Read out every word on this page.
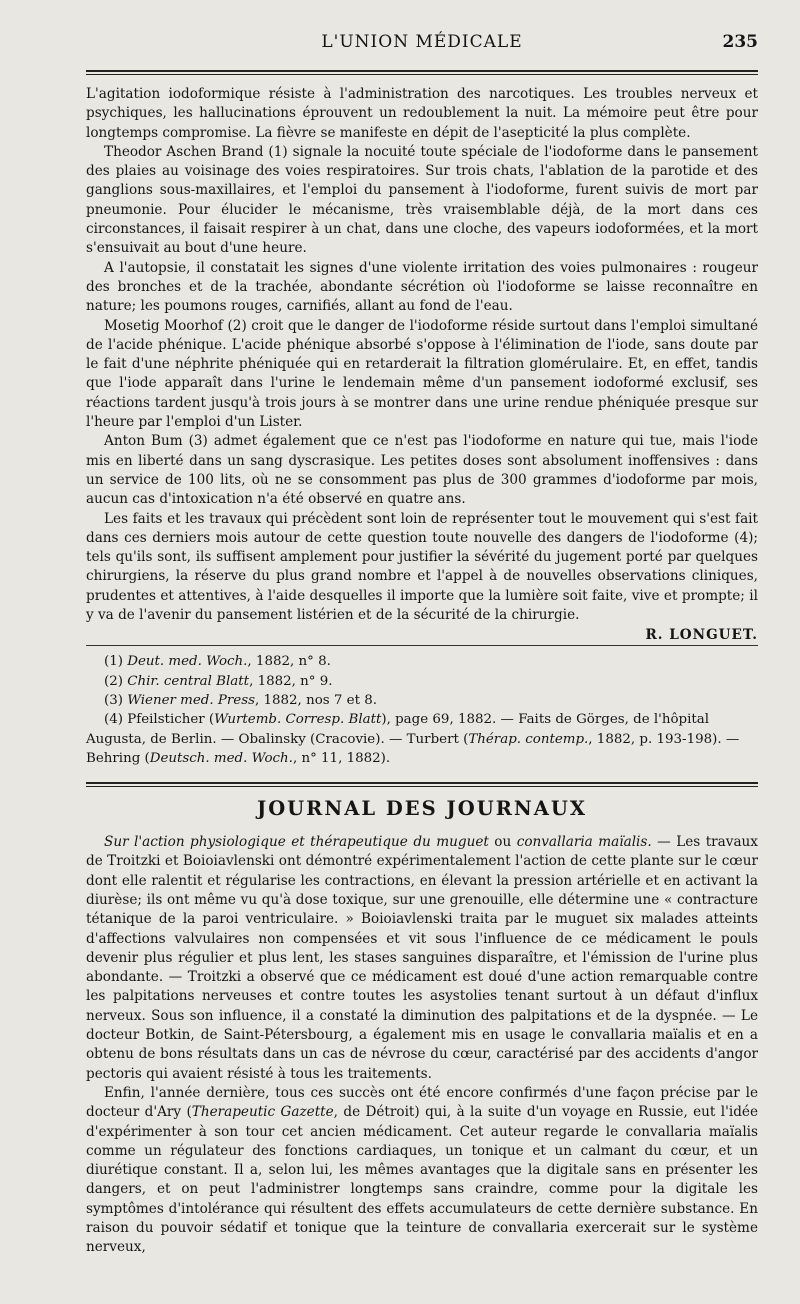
L'UNION MÉDICALE	235

L'agitation iodoformique résiste à l'administration des narcotiques. Les troubles nerveux et psychiques, les hallucinations éprouvent un redoublement la nuit. La mémoire peut être pour longtemps compromise. La fièvre se manifeste en dépit de l'asepticité la plus complète.

Theodor Aschen Brand (1) signale la nocuité toute spéciale de l'iodoforme dans le pansement des plaies au voisinage des voies respiratoires. Sur trois chats, l'ablation de la parotide et des ganglions sous-maxillaires, et l'emploi du pansement à l'iodoforme, furent suivis de mort par pneumonie. Pour élucider le mécanisme, très vraisemblable déjà, de la mort dans ces circonstances, il faisait respirer à un chat, dans une cloche, des vapeurs iodoformées, et la mort s'ensuivait au bout d'une heure.

A l'autopsie, il constatait les signes d'une violente irritation des voies pulmonaires : rougeur des bronches et de la trachée, abondante sécrétion où l'iodoforme se laisse reconnaître en nature; les poumons rouges, carnifiés, allant au fond de l'eau.

Mosetig Moorhof (2) croit que le danger de l'iodoforme réside surtout dans l'emploi simultané de l'acide phénique. L'acide phénique absorbé s'oppose à l'élimination de l'iode, sans doute par le fait d'une néphrite phéniquée qui en retarderait la filtration glomérulaire. Et, en effet, tandis que l'iode apparaît dans l'urine le lendemain même d'un pansement iodoformé exclusif, ses réactions tardent jusqu'à trois jours à se montrer dans une urine rendue phéniquée presque sur l'heure par l'emploi d'un Lister.

Anton Bum (3) admet également que ce n'est pas l'iodoforme en nature qui tue, mais l'iode mis en liberté dans un sang dyscrasique. Les petites doses sont absolument inoffensives : dans un service de 100 lits, où ne se consomment pas plus de 300 grammes d'iodoforme par mois, aucun cas d'intoxication n'a été observé en quatre ans.

Les faits et les travaux qui précèdent sont loin de représenter tout le mouvement qui s'est fait dans ces derniers mois autour de cette question toute nouvelle des dangers de l'iodoforme (4); tels qu'ils sont, ils suffisent amplement pour justifier la sévérité du jugement porté par quelques chirurgiens, la réserve du plus grand nombre et l'appel à de nouvelles observations cliniques, prudentes et attentives, à l'aide desquelles il importe que la lumière soit faite, vive et prompte; il y va de l'avenir du pansement listérien et de la sécurité de la chirurgie.

R. LONGUET.
(1) Deut. med. Woch., 1882, n° 8.
(2) Chir. central Blatt, 1882, n° 9.
(3) Wiener med. Press, 1882, nos 7 et 8.
(4) Pfeilsticher (Wurtemb. Corresp. Blatt), page 69, 1882. — Faits de Görges, de l'hôpital Augusta, de Berlin. — Obalinsky (Cracovie). — Turbert (Thérap. contemp., 1882, p. 193-198). — Behring (Deutsch. med. Woch., n° 11, 1882).
JOURNAL DES JOURNAUX

Sur l'action physiologique et thérapeutique du muguet ou convallaria maïalis. — Les travaux de Troitzki et Boioiavlenski ont démontré expérimentalement l'action de cette plante sur le cœur dont elle ralentit et régularise les contractions, en élevant la pression artérielle et en activant la diurèse; ils ont même vu qu'à dose toxique, sur une grenouille, elle détermine une « contracture tétanique de la paroi ventriculaire. » Boioiavlenski traita par le muguet six malades atteints d'affections valvulaires non compensées et vit sous l'influence de ce médicament le pouls devenir plus régulier et plus lent, les stases sanguines disparaître, et l'émission de l'urine plus abondante. — Troitzki a observé que ce médicament est doué d'une action remarquable contre les palpitations nerveuses et contre toutes les asystolies tenant surtout à un défaut d'influx nerveux. Sous son influence, il a constaté la diminution des palpitations et de la dyspnée. — Le docteur Botkin, de Saint-Pétersbourg, a également mis en usage le convallaria maïalis et en a obtenu de bons résultats dans un cas de névrose du cœur, caractérisé par des accidents d'angor pectoris qui avaient résisté à tous les traitements.

Enfin, l'année dernière, tous ces succès ont été encore confirmés d'une façon précise par le docteur d'Ary (Therapeutic Gazette, de Détroit) qui, à la suite d'un voyage en Russie, eut l'idée d'expérimenter à son tour cet ancien médicament. Cet auteur regarde le convallaria maïalis comme un régulateur des fonctions cardiaques, un tonique et un calmant du cœur, et un diurétique constant. Il a, selon lui, les mêmes avantages que la digitale sans en présenter les dangers, et on peut l'administrer longtemps sans craindre, comme pour la digitale les symptômes d'intolérance qui résultent des effets accumulateurs de cette dernière substance. En raison du pouvoir sédatif et tonique que la teinture de convallaria exercerait sur le système nerveux,
